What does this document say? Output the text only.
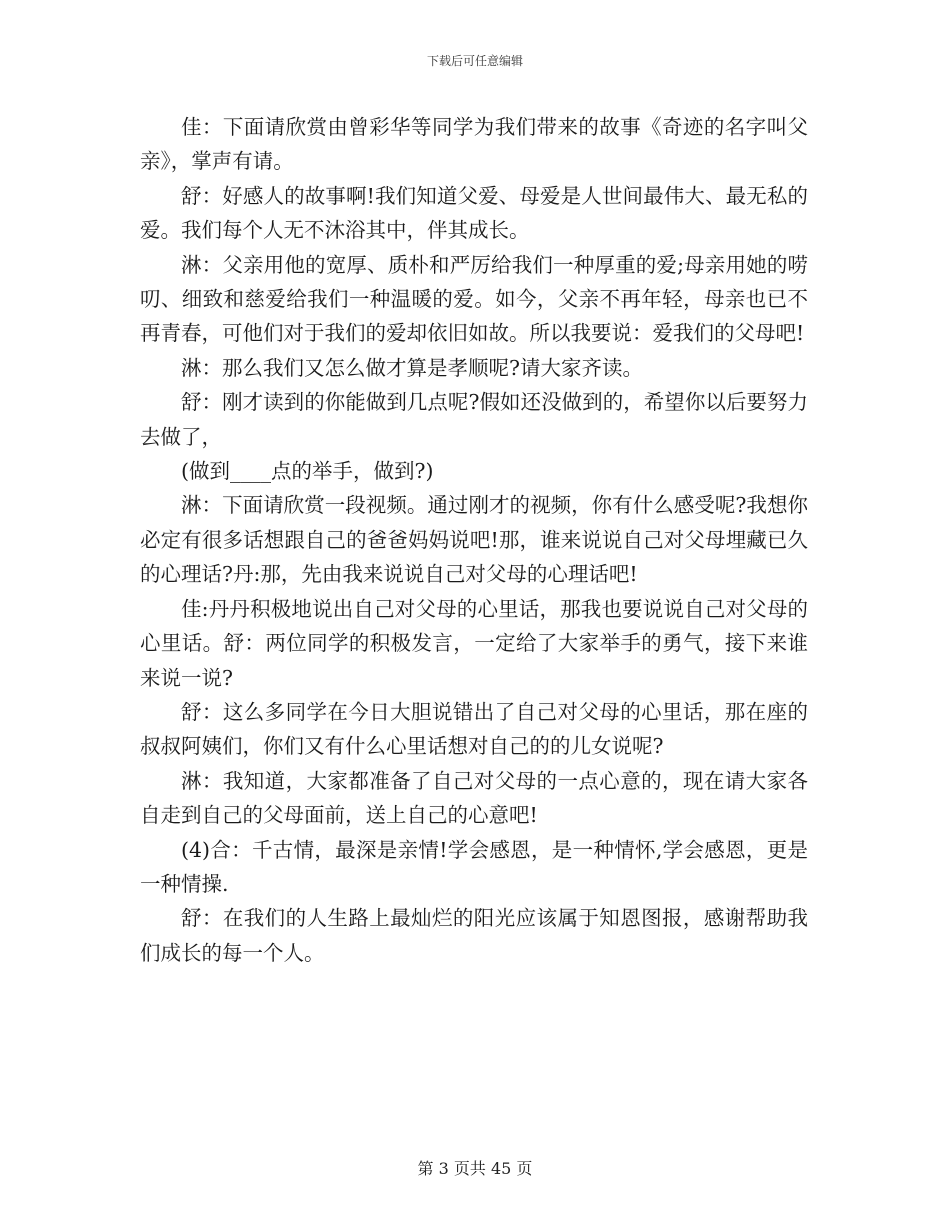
下载后可任意编辑

佳：下面请欣赏由曾彩华等同学为我们带来的故事《奇迹的名字叫父亲》，掌声有请。

舒：好感人的故事啊!我们知道父爱、母爱是人世间最伟大、最无私的爱。我们每个人无不沐浴其中，伴其成长。

淋：父亲用他的宽厚、质朴和严厉给我们一种厚重的爱;母亲用她的唠叨、细致和慈爱给我们一种温暖的爱。如今，父亲不再年轻，母亲也已不再青春，可他们对于我们的爱却依旧如故。所以我要说：爱我们的父母吧!

淋：那么我们又怎么做才算是孝顺呢?请大家齐读。

舒：刚才读到的你能做到几点呢?假如还没做到的，希望你以后要努力去做了，

(做到____点的举手，做到?)

淋：下面请欣赏一段视频。通过刚才的视频，你有什么感受呢?我想你必定有很多话想跟自己的爸爸妈妈说吧!那，谁来说说自己对父母埋藏已久的心理话?丹:那，先由我来说说自己对父母的心理话吧!

佳:丹丹积极地说出自己对父母的心里话，那我也要说说自己对父母的心里话。舒：两位同学的积极发言，一定给了大家举手的勇气，接下来谁来说一说?

舒：这么多同学在今日大胆说错出了自己对父母的心里话，那在座的叔叔阿姨们，你们又有什么心里话想对自己的的儿女说呢?

淋：我知道，大家都准备了自己对父母的一点心意的，现在请大家各自走到自己的父母面前，送上自己的心意吧!

(4)合：千古情，最深是亲情!学会感恩，是一种情怀,学会感恩，更是一种情操.

舒：在我们的人生路上最灿烂的阳光应该属于知恩图报，感谢帮助我们成长的每一个人。

第 3 页共 45 页
